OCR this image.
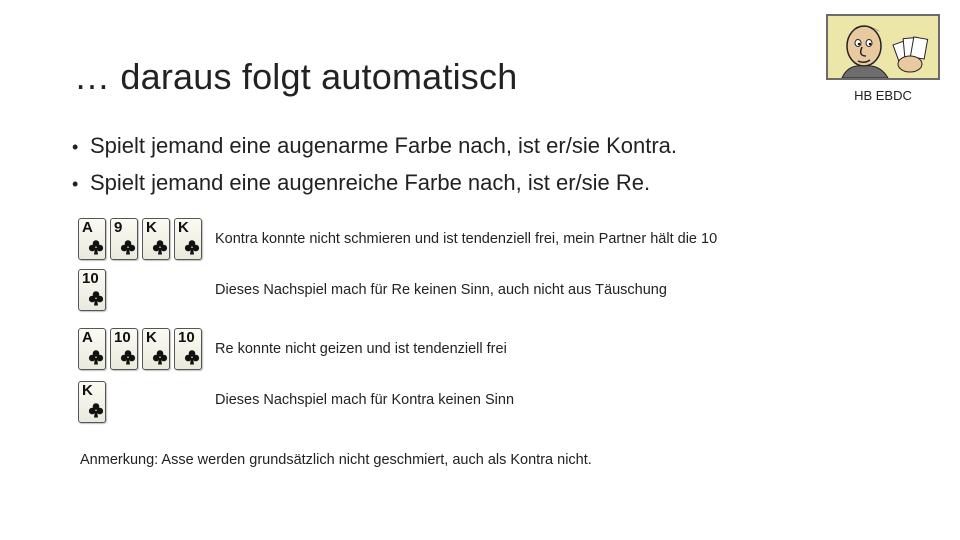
… daraus folgt automatisch	HB EBDC
• Spielt jemand eine augenarme Farbe nach, ist er/sie Kontra.
• Spielt jemand eine augenreiche Farbe nach, ist er/sie Re.
A 9 K K
Kontra konnte nicht schmieren und ist tendenziell frei, mein Partner hält die 10
10
Dieses Nachspiel mach für Re keinen Sinn, auch nicht aus Täuschung
A 10 K 10
Re konnte nicht geizen und ist tendenziell frei
K
Dieses Nachspiel mach für Kontra keinen Sinn
Anmerkung: Asse werden grundsätzlich nicht geschmiert, auch als Kontra nicht.
